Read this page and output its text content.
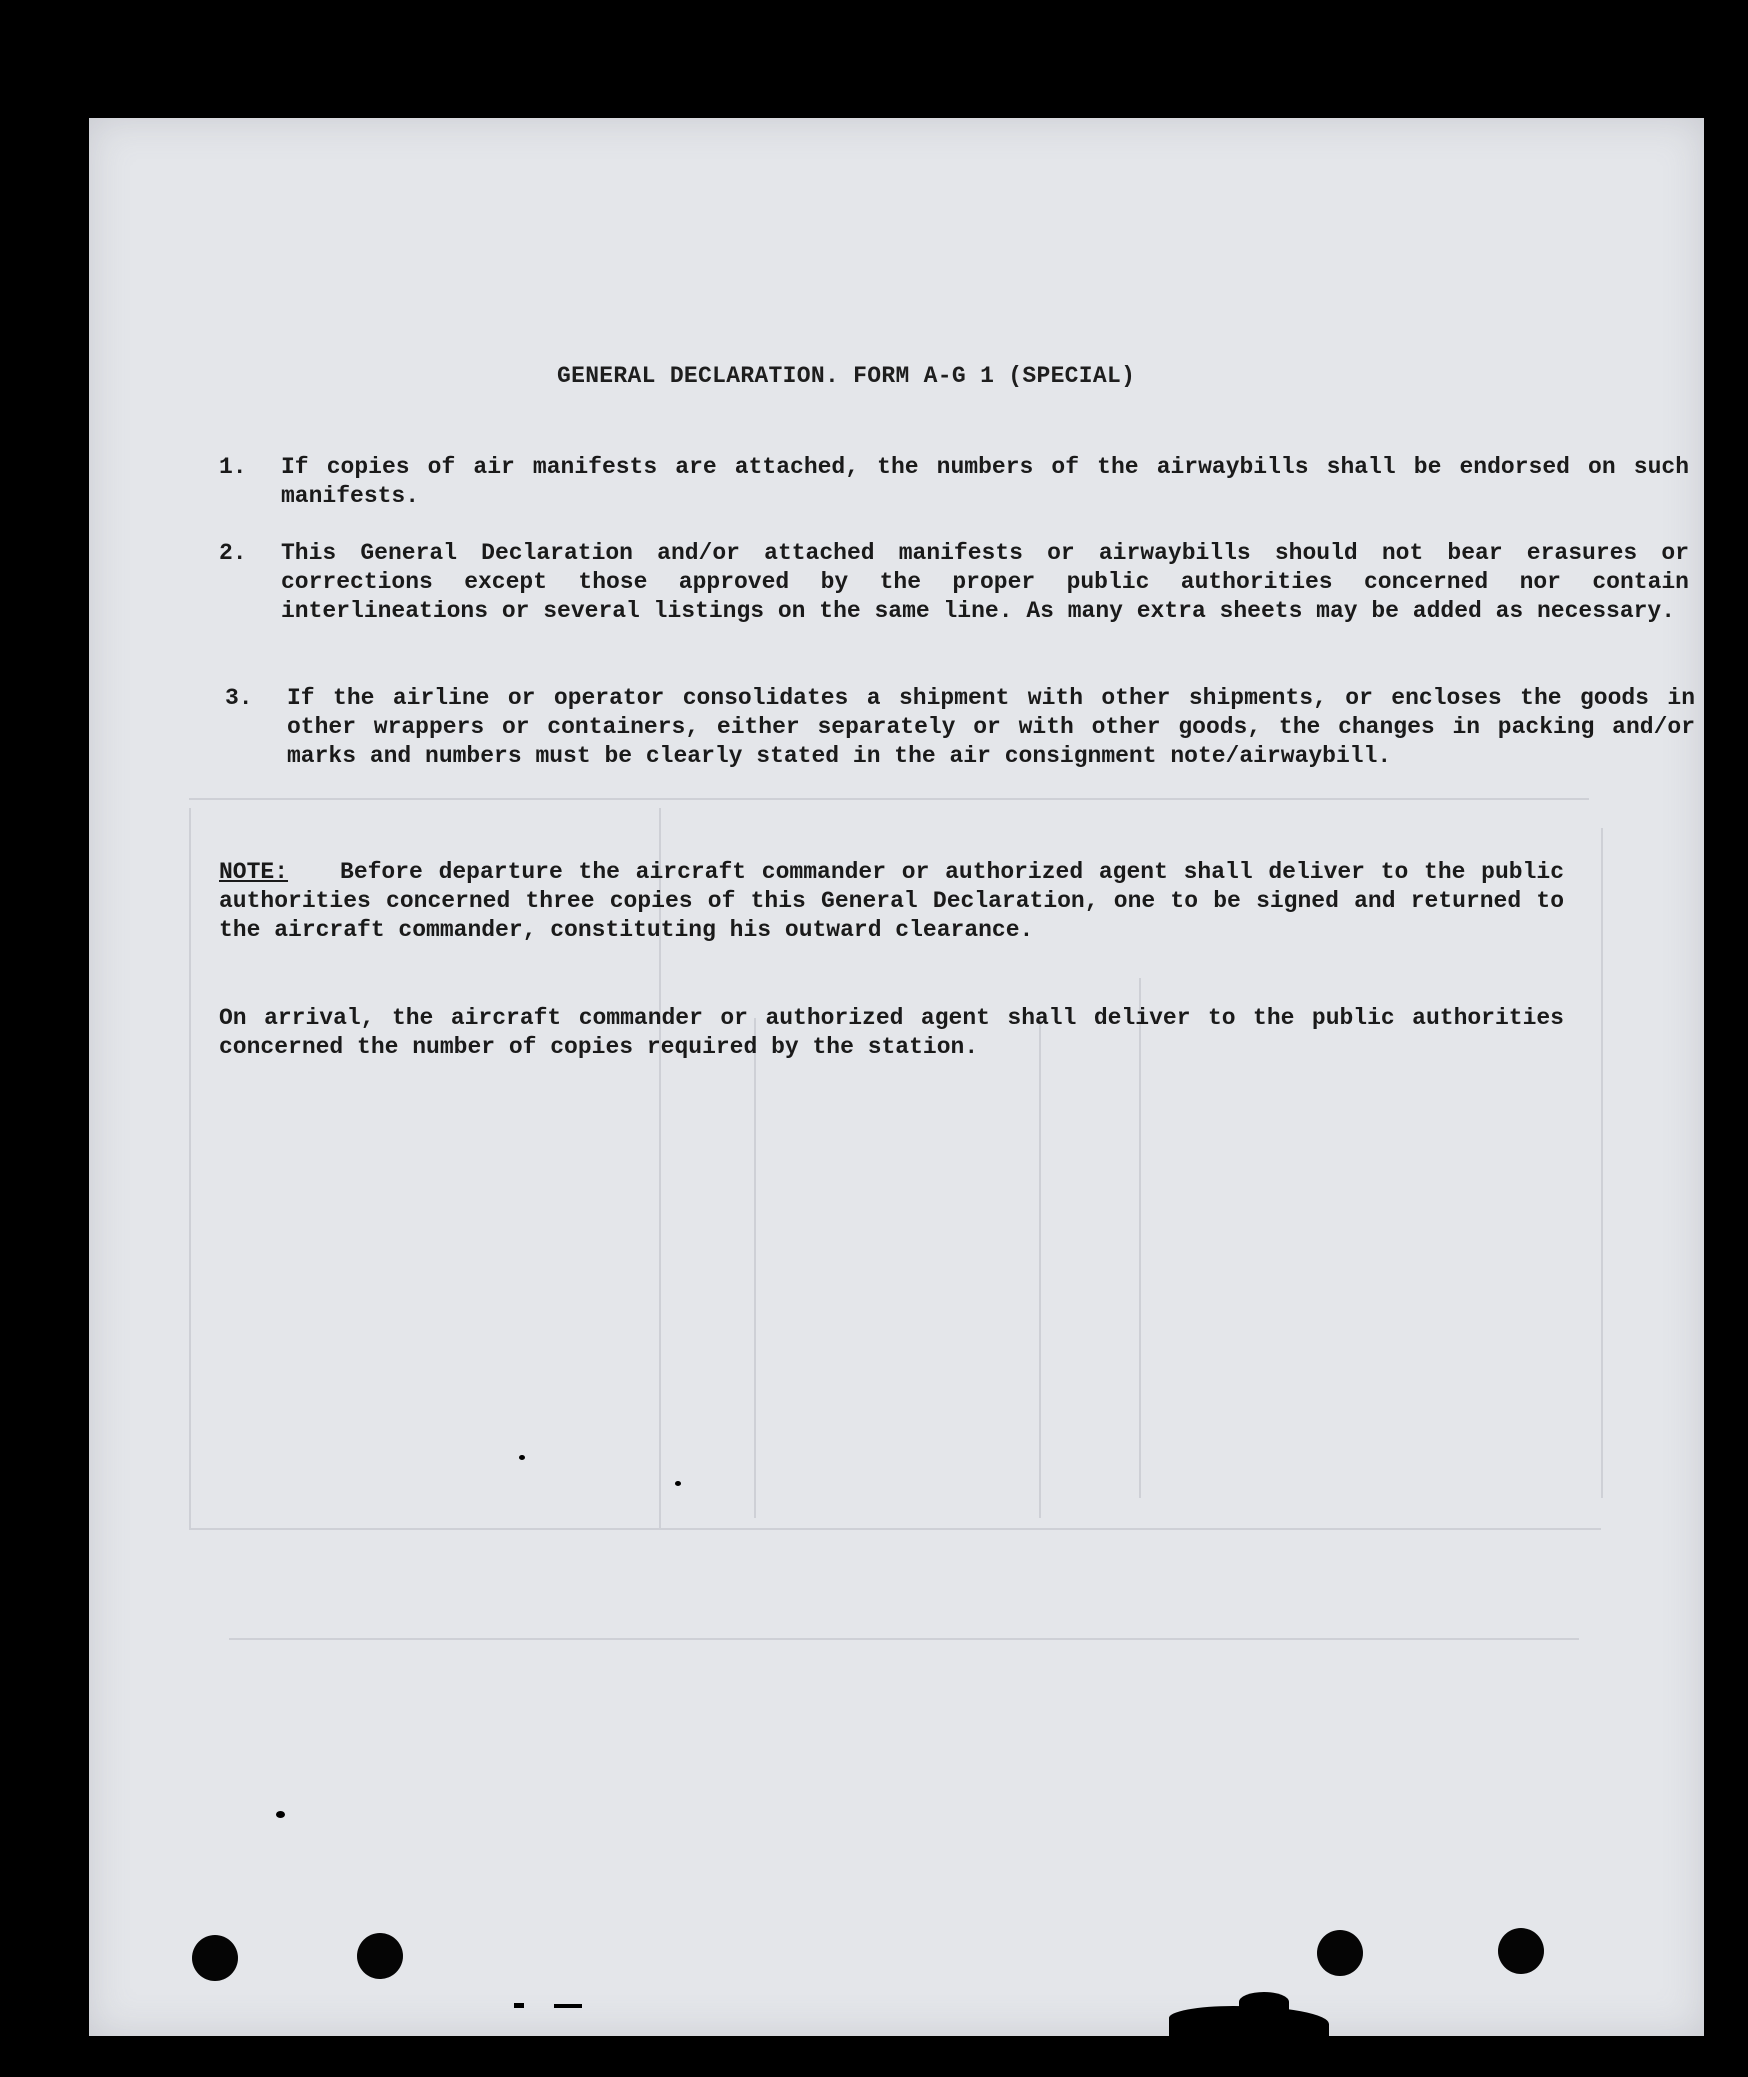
GENERAL DECLARATION. FORM A-G 1 (SPECIAL)
1. If copies of air manifests are attached, the numbers of the airwaybills shall be endorsed on such manifests.
2. This General Declaration and/or attached manifests or airwaybills should not bear erasures or corrections except those approved by the proper public authorities concerned nor contain interlineations or several listings on the same line. As many extra sheets may be added as necessary.
3. If the airline or operator consolidates a shipment with other shipments, or encloses the goods in other wrappers or containers, either separately or with other goods, the changes in packing and/or marks and numbers must be clearly stated in the air consignment note/airwaybill.
NOTE: Before departure the aircraft commander or authorized agent shall deliver to the public authorities concerned three copies of this General Declaration, one to be signed and returned to the aircraft commander, constituting his outward clearance.
On arrival, the aircraft commander or authorized agent shall deliver to the public authorities concerned the number of copies required by the station.
